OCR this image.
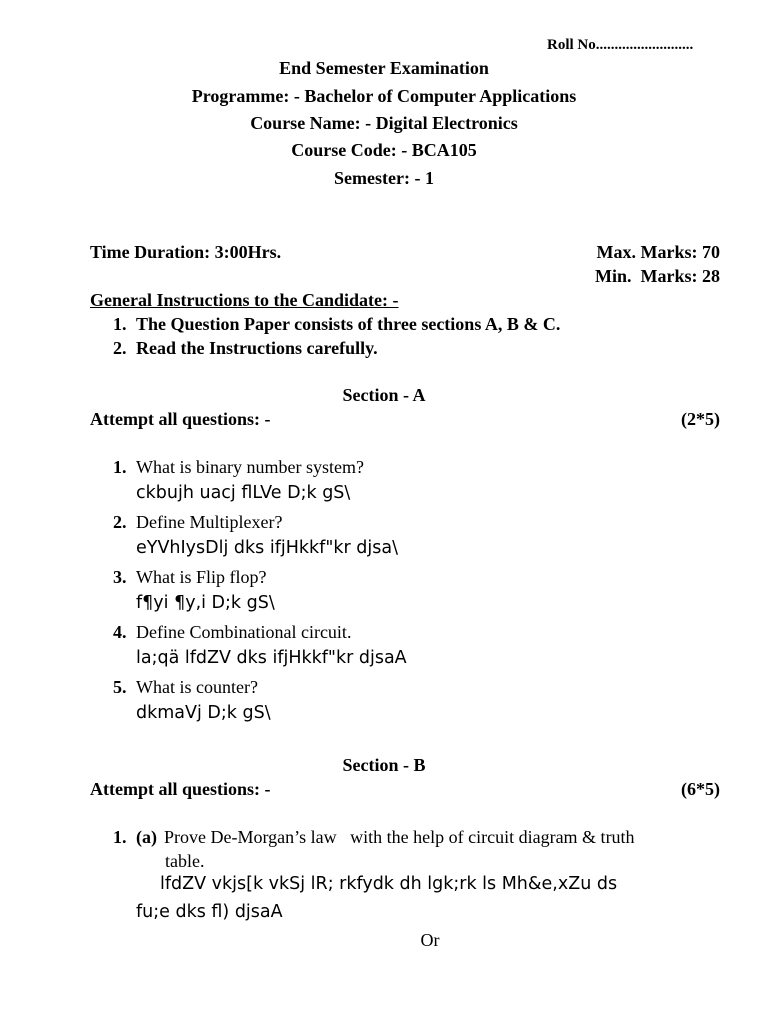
Roll No..........................
End Semester Examination
Programme: - Bachelor of Computer Applications
Course Name: - Digital Electronics
Course Code: - BCA105
Semester: - 1
Time Duration: 3:00Hrs.	Max. Marks: 70
Min.  Marks: 28
General Instructions to the Candidate: -
1. The Question Paper consists of three sections A, B & C.
2. Read the Instructions carefully.
Section - A
Attempt all questions: -	(2*5)
1. What is binary number system?
ckbujh uacj flLVe D;k gS\
2. Define Multiplexer?
eYVhIysDlj dks ifjHkkf"kr djsa\
3. What is Flip flop?
f¶yi ¶y,i D;k gS\
4. Define Combinational circuit.
la;qä lfdZV dks ifjHkkf"kr djsaA
5. What is counter?
dkmaVj D;k gS\
Section - B
Attempt all questions: -	(6*5)
1. (a) Prove De-Morgan’s law   with the help of circuit diagram & truth
table.
lfdZV vkjs[k vkSj lR; rkfydk dh lgk;rk ls Mh&e,xZu ds
fu;e dks fl) djsaA
Or
